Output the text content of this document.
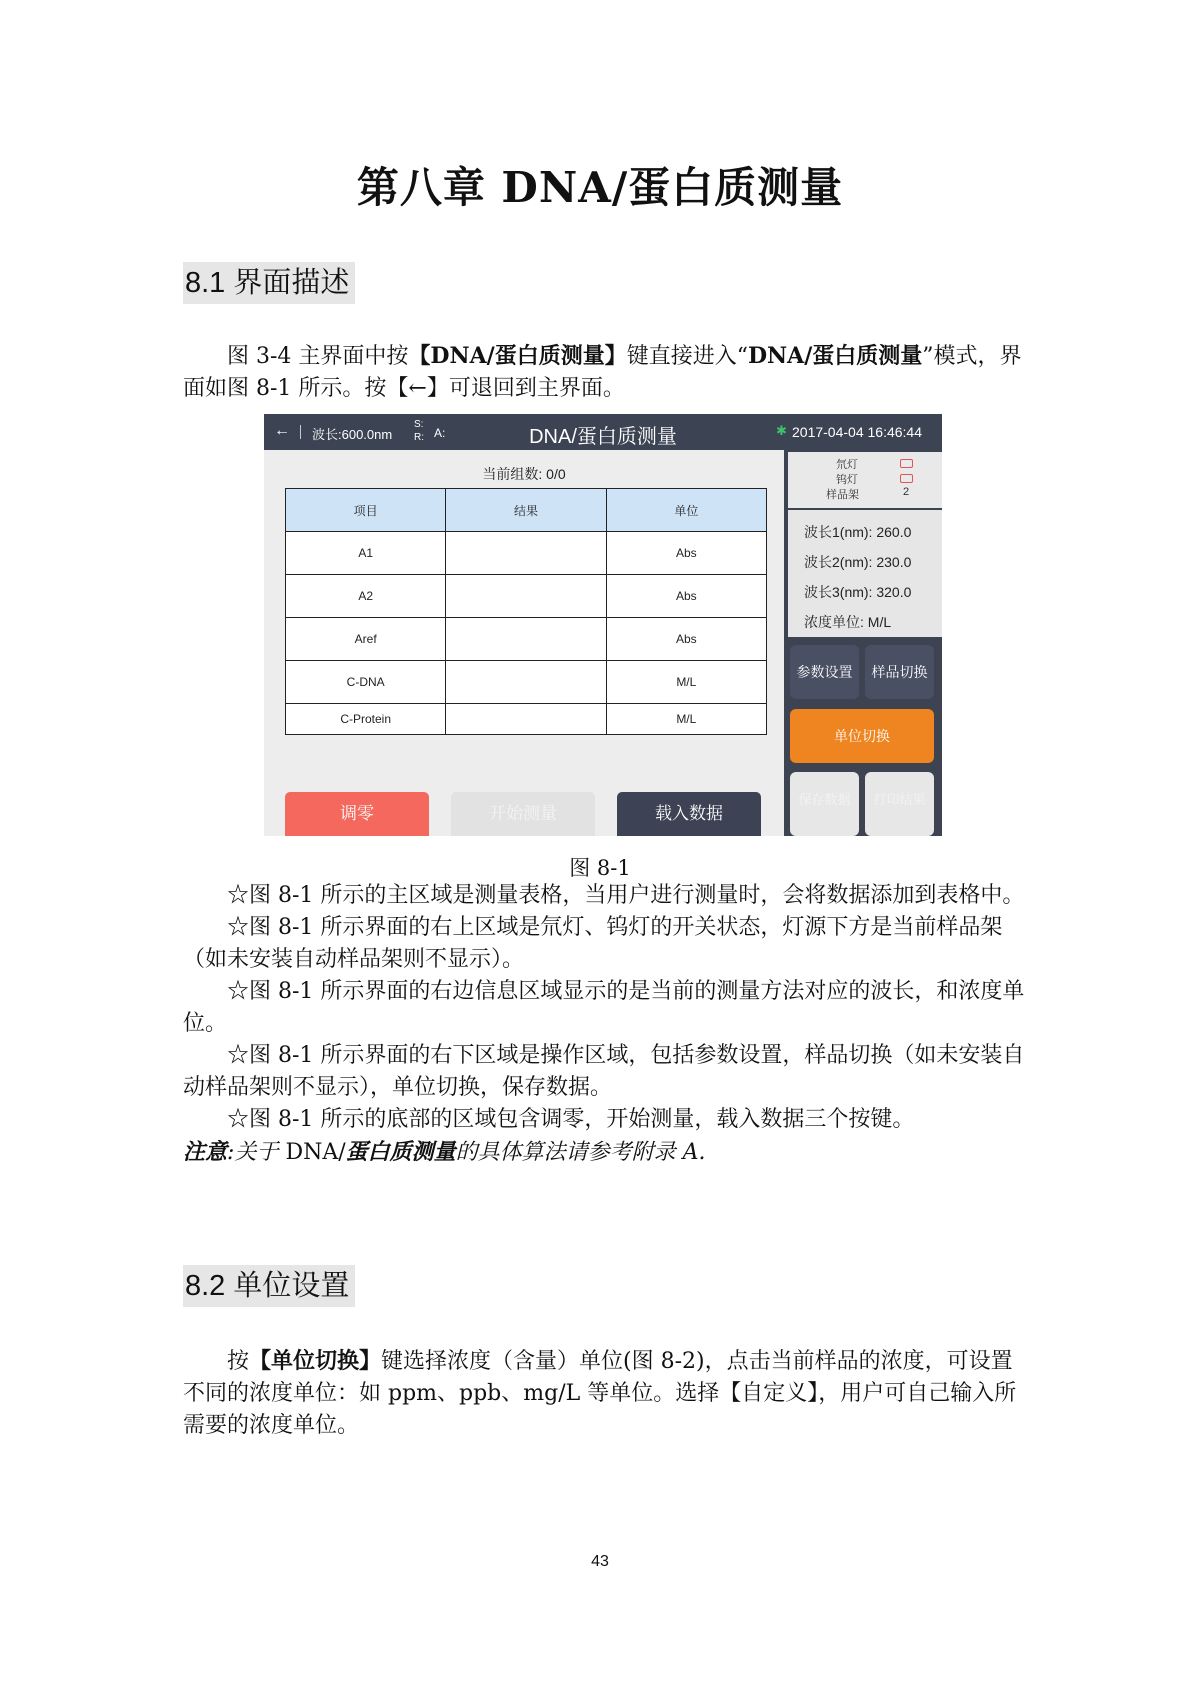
第八章 DNA/蛋白质测量
8.1 界面描述
图 3-4 主界面中按【DNA/蛋白质测量】键直接进入“DNA/蛋白质测量”模式，界面如图 8-1 所示。按【←】可退回到主界面。
← 波长:600.0nm
S:
R: A:	DNA/蛋白质测量	✱ 2017-04-04 16:46:44
当前组数: 0/0
项目	结果	单位
A1		Abs
A2		Abs
Aref		Abs
C-DNA		M/L
C-Protein		M/L
调零	开始测量	载入数据
氘灯
钨灯
样品架	2
波长1(nm): 260.0
波长2(nm): 230.0
波长3(nm): 320.0
浓度单位: M/L
参数设置	样品切换
单位切换
保存数据	打印结果
图 8-1
☆图 8-1 所示的主区域是测量表格，当用户进行测量时，会将数据添加到表格中。
☆图 8-1 所示界面的右上区域是氘灯、钨灯的开关状态，灯源下方是当前样品架（如未安装自动样品架则不显示）。
☆图 8-1 所示界面的右边信息区域显示的是当前的测量方法对应的波长，和浓度单位。
☆图 8-1 所示界面的右下区域是操作区域，包括参数设置，样品切换（如未安装自动样品架则不显示），单位切换，保存数据。
☆图 8-1 所示的底部的区域包含调零，开始测量，载入数据三个按键。
注意:关于 DNA/蛋白质测量的具体算法请参考附录 A.
8.2 单位设置
按【单位切换】键选择浓度（含量）单位(图 8-2)，点击当前样品的浓度，可设置不同的浓度单位：如 ppm、ppb、mg/L 等单位。选择【自定义】，用户可自己输入所需要的浓度单位。
43
